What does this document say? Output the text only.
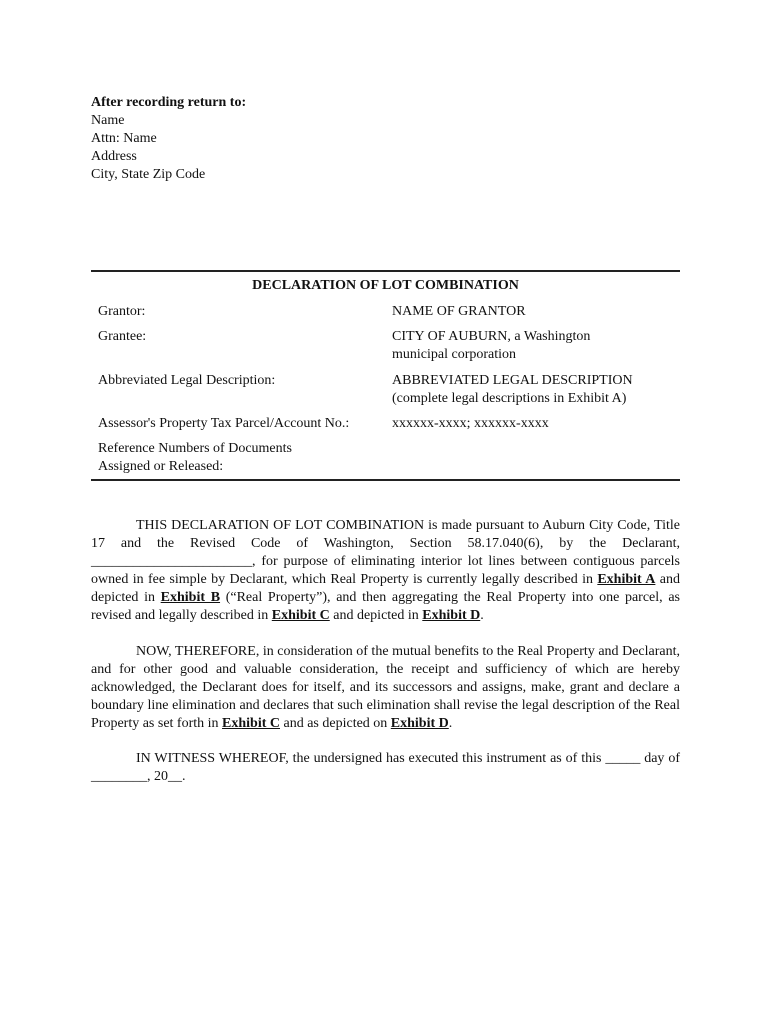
After recording return to:
Name
Attn: Name
Address
City, State Zip Code
DECLARATION OF LOT COMBINATION
Grantor:	NAME OF GRANTOR
Grantee:	CITY OF AUBURN, a Washington
municipal corporation
Abbreviated Legal Description:	ABBREVIATED LEGAL DESCRIPTION
(complete legal descriptions in Exhibit A)
Assessor's Property Tax Parcel/Account No.:	xxxxxx-xxxx; xxxxxx-xxxx
Reference Numbers of Documents
Assigned or Released:
THIS DECLARATION OF LOT COMBINATION is made pursuant to Auburn City Code, Title 17 and the Revised Code of Washington, Section 58.17.040(6), by the Declarant, _______________________, for purpose of eliminating interior lot lines between contiguous parcels owned in fee simple by Declarant, which Real Property is currently legally described in Exhibit A and depicted in Exhibit B (“Real Property”), and then aggregating the Real Property into one parcel, as revised and legally described in Exhibit C and depicted in Exhibit D.
NOW, THEREFORE, in consideration of the mutual benefits to the Real Property and Declarant, and for other good and valuable consideration, the receipt and sufficiency of which are hereby acknowledged, the Declarant does for itself, and its successors and assigns, make, grant and declare a boundary line elimination and declares that such elimination shall revise the legal description of the Real Property as set forth in Exhibit C and as depicted on Exhibit D.
IN WITNESS WHEREOF, the undersigned has executed this instrument as of this _____ day of ________, 20__.
